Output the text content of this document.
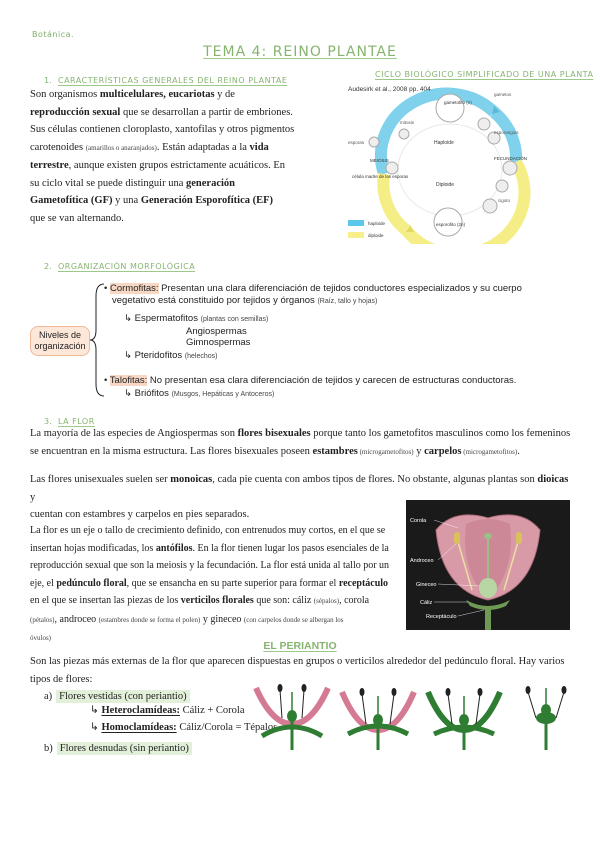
Botánica.
TEMA 4: REINO PLANTAE
1. CARACTERÍSTICAS GENERALES DEL REINO PLANTAE
CICLO BIOLÓGICO SIMPLIFICADO DE UNA PLANTA

Son organismos multicelulares, eucariotas y de

reproducción sexual que se desarrollan a partir de embriones.

Sus células contienen cloroplasto, xantofilas y otros pigmentos

carotenoides (amarillos o anaranjados). Están adaptadas a la vida

terrestre, aunque existen grupos estrictamente acuáticos. En

su ciclo vital se puede distinguir una generación

Gametofítica (GF) y una Generación Esporofítica (EF)

que se van alternando.

Audesirk et al., 2008 pp. 404
gametofito (n)
gametos
esporangios
Haploide
FECUNDACIÓN
MEIOSIS
célula madre de las esporas
Diploide
cigoto
esporofito (2n)
esporas
mitosis
haploide
diploide
2. ORGANIZACIÓN MORFOLÓGICA
Niveles de
organización
• Cormofitas: Presentan una clara diferenciación de tejidos conductores especializados y su cuerpo
vegetativo está constituido por tejidos y órganos (Raíz, tallo y hojas)
↳ Espermatofitos (plantas con semillas)
Angiospermas
Gimnospermas
↳ Pteridofitos (helechos)
• Talofitas: No presentan esa clara diferenciación de tejidos y carecen de estructuras conductoras.
↳ Briófitos (Musgos, Hepáticas y Antoceros)
3. LA FLOR

La mayoría de las especies de Angiospermas son flores bisexuales porque tanto los gametofitos masculinos como los femeninos

se encuentran en la misma estructura. Las flores bisexuales poseen estambres (microgametofitos) y carpelos (microgametofitos).

Las flores unisexuales suelen ser monoicas, cada pie cuenta con ambos tipos de flores. No obstante, algunas plantas son dioicas y

cuentan con estambres y carpelos en pies separados.

La flor es un eje o tallo de crecimiento definido, con entrenudos muy cortos, en el que se

insertan hojas modificadas, los antófilos. En la flor tienen lugar los pasos esenciales de la

reproducción sexual que son la meiosis y la fecundación. La flor está unida al tallo por un

eje, el pedúnculo floral, que se ensancha en su parte superior para formar el receptáculo

en el que se insertan las piezas de los verticilos florales que son: cáliz (sépalos), corola

(pétalos), androceo (estambres donde se forma el polen) y gineceo (con carpelos donde se albergan los

óvulos)

Corola
Androceo
Gineceo
Cáliz
Receptáculo
EL PERIANTIO

Son las piezas más externas de la flor que aparecen dispuestas en grupos o verticilos alrededor del pedúnculo floral. Hay varios

tipos de flores:

a) Flores vestidas (con periantio)
↳ Heteroclamídeas: Cáliz + Corola
↳ Homoclamídeas: Cáliz/Corola = Tépalos
b) Flores desnudas (sin periantio)
